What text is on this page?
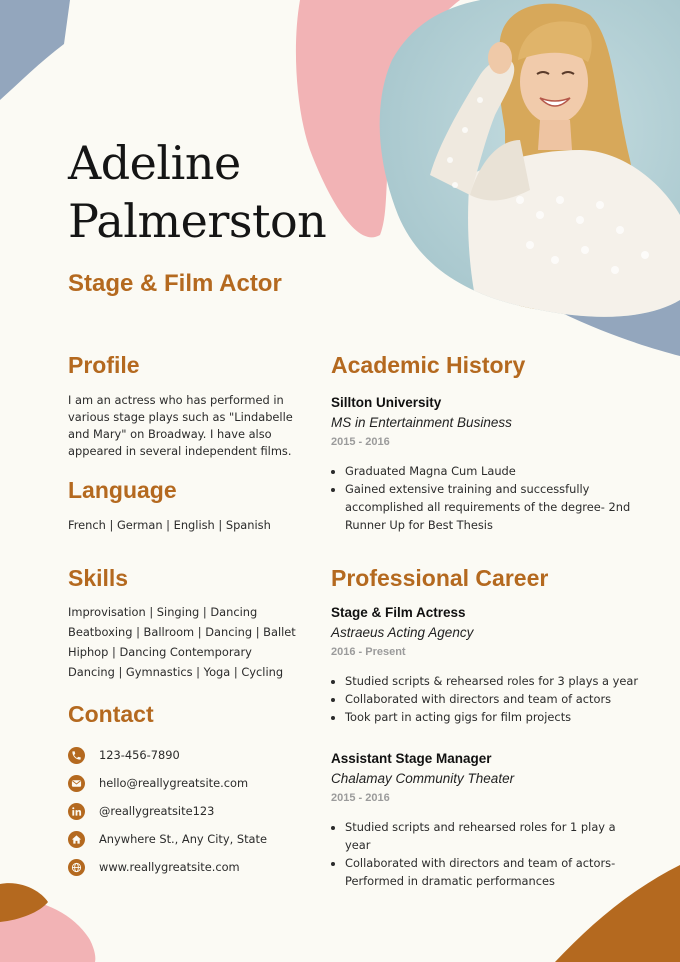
Adeline
Palmerston
Stage & Film Actor
Profile
I am an actress who has performed in
various stage plays such as "Lindabelle
and Mary" on Broadway. I have also
appeared in several independent films.
Language
French | German | English | Spanish
Skills
Improvisation | Singing | Dancing
Beatboxing | Ballroom | Dancing | Ballet
Hiphop | Dancing Contemporary
Dancing | Gymnastics | Yoga | Cycling
Contact
123-456-7890
hello@reallygreatsite.com
@reallygreatsite123
Anywhere St., Any City, State
www.reallygreatsite.com
Academic History
Sillton University
MS in Entertainment Business
2015 - 2016
• Graduated Magna Cum Laude
• Gained extensive training and successfully accomplished all requirements of the degree- 2nd Runner Up for Best Thesis
Professional Career
Stage & Film Actress
Astraeus Acting Agency
2016 - Present
• Studied scripts & rehearsed roles for 3 plays a year
• Collaborated with directors and team of actors
• Took part in acting gigs for film projects
Assistant Stage Manager
Chalamay Community Theater
2015 - 2016
• Studied scripts and rehearsed roles for 1 play a year
• Collaborated with directors and team of actors- Performed in dramatic performances
